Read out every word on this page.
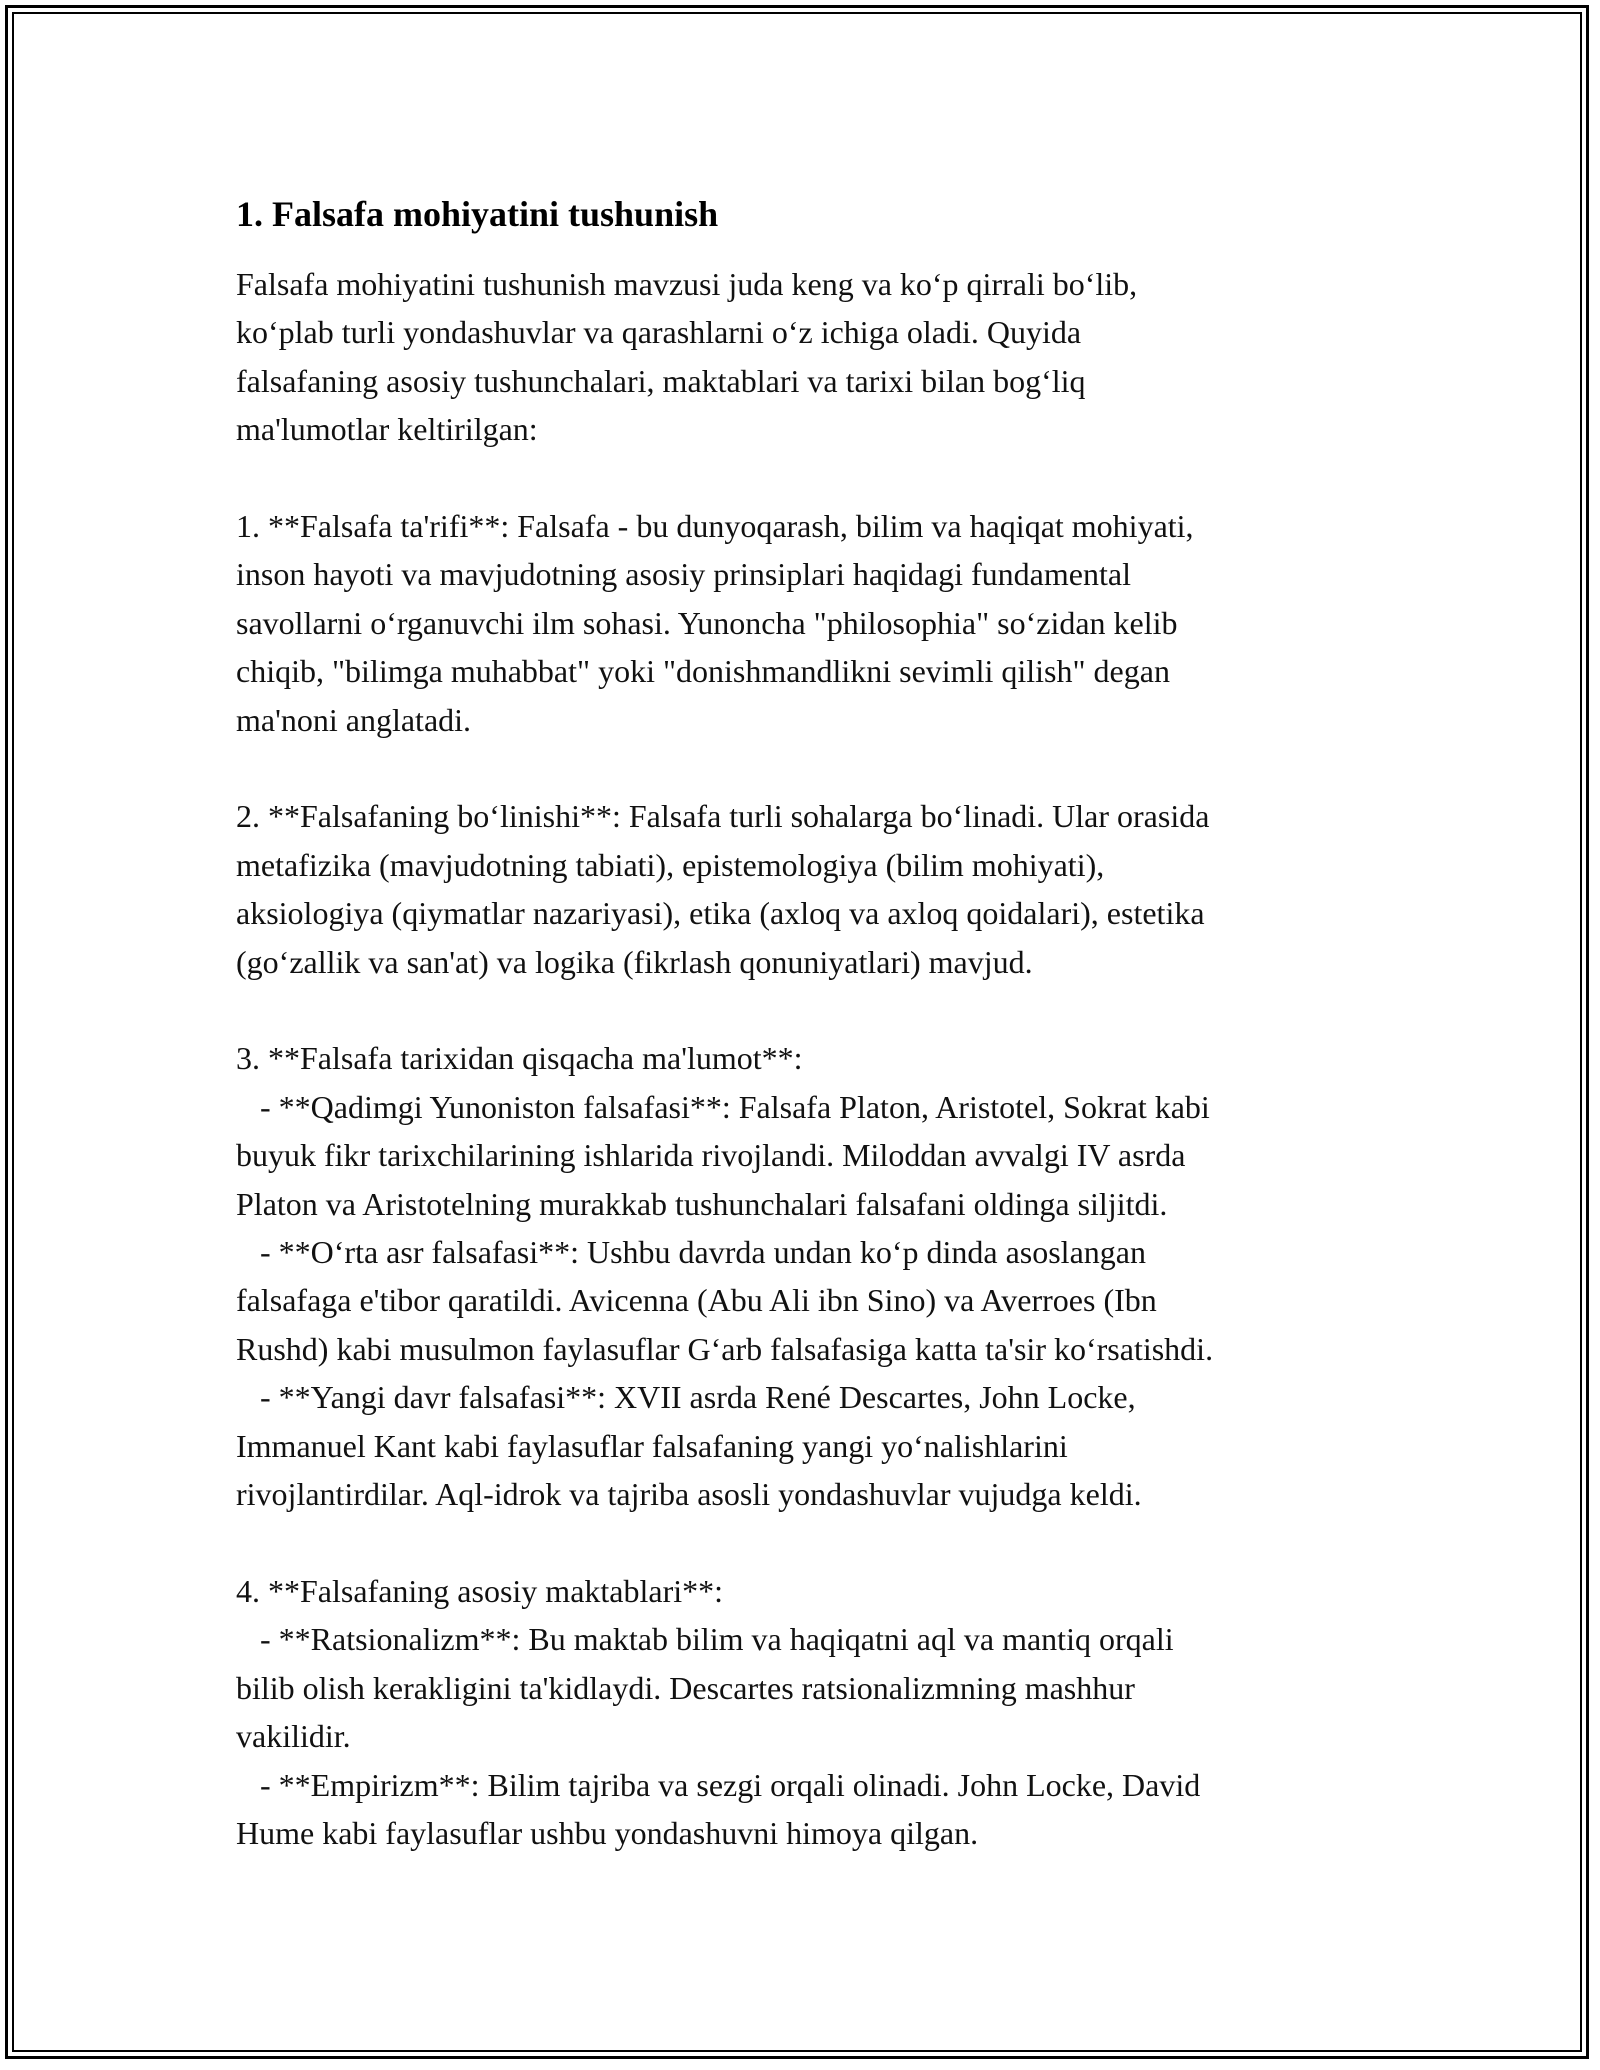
1. Falsafa mohiyatini tushunish
Falsafa mohiyatini tushunish mavzusi juda keng va ko‘p qirrali bo‘lib,
ko‘plab turli yondashuvlar va qarashlarni o‘z ichiga oladi. Quyida
falsafaning asosiy tushunchalari, maktablari va tarixi bilan bog‘liq
ma'lumotlar keltirilgan:
1. **Falsafa ta'rifi**: Falsafa - bu dunyoqarash, bilim va haqiqat mohiyati,
inson hayoti va mavjudotning asosiy prinsiplari haqidagi fundamental
savollarni o‘rganuvchi ilm sohasi. Yunoncha "philosophia" so‘zidan kelib
chiqib, "bilimga muhabbat" yoki "donishmandlikni sevimli qilish" degan
ma'noni anglatadi.
2. **Falsafaning bo‘linishi**: Falsafa turli sohalarga bo‘linadi. Ular orasida
metafizika (mavjudotning tabiati), epistemologiya (bilim mohiyati),
aksiologiya (qiymatlar nazariyasi), etika (axloq va axloq qoidalari), estetika
(go‘zallik va san'at) va logika (fikrlash qonuniyatlari) mavjud.
3. **Falsafa tarixidan qisqacha ma'lumot**:
- **Qadimgi Yunoniston falsafasi**: Falsafa Platon, Aristotel, Sokrat kabi
buyuk fikr tarixchilarining ishlarida rivojlandi. Miloddan avvalgi IV asrda
Platon va Aristotelning murakkab tushunchalari falsafani oldinga siljitdi.
- **O‘rta asr falsafasi**: Ushbu davrda undan ko‘p dinda asoslangan
falsafaga e'tibor qaratildi. Avicenna (Abu Ali ibn Sino) va Averroes (Ibn
Rushd) kabi musulmon faylasuflar G‘arb falsafasiga katta ta'sir ko‘rsatishdi.
- **Yangi davr falsafasi**: XVII asrda René Descartes, John Locke,
Immanuel Kant kabi faylasuflar falsafaning yangi yo‘nalishlarini
rivojlantirdilar. Aql-idrok va tajriba asosli yondashuvlar vujudga keldi.
4. **Falsafaning asosiy maktablari**:
- **Ratsionalizm**: Bu maktab bilim va haqiqatni aql va mantiq orqali
bilib olish kerakligini ta'kidlaydi. Descartes ratsionalizmning mashhur
vakilidir.
- **Empirizm**: Bilim tajriba va sezgi orqali olinadi. John Locke, David
Hume kabi faylasuflar ushbu yondashuvni himoya qilgan.
